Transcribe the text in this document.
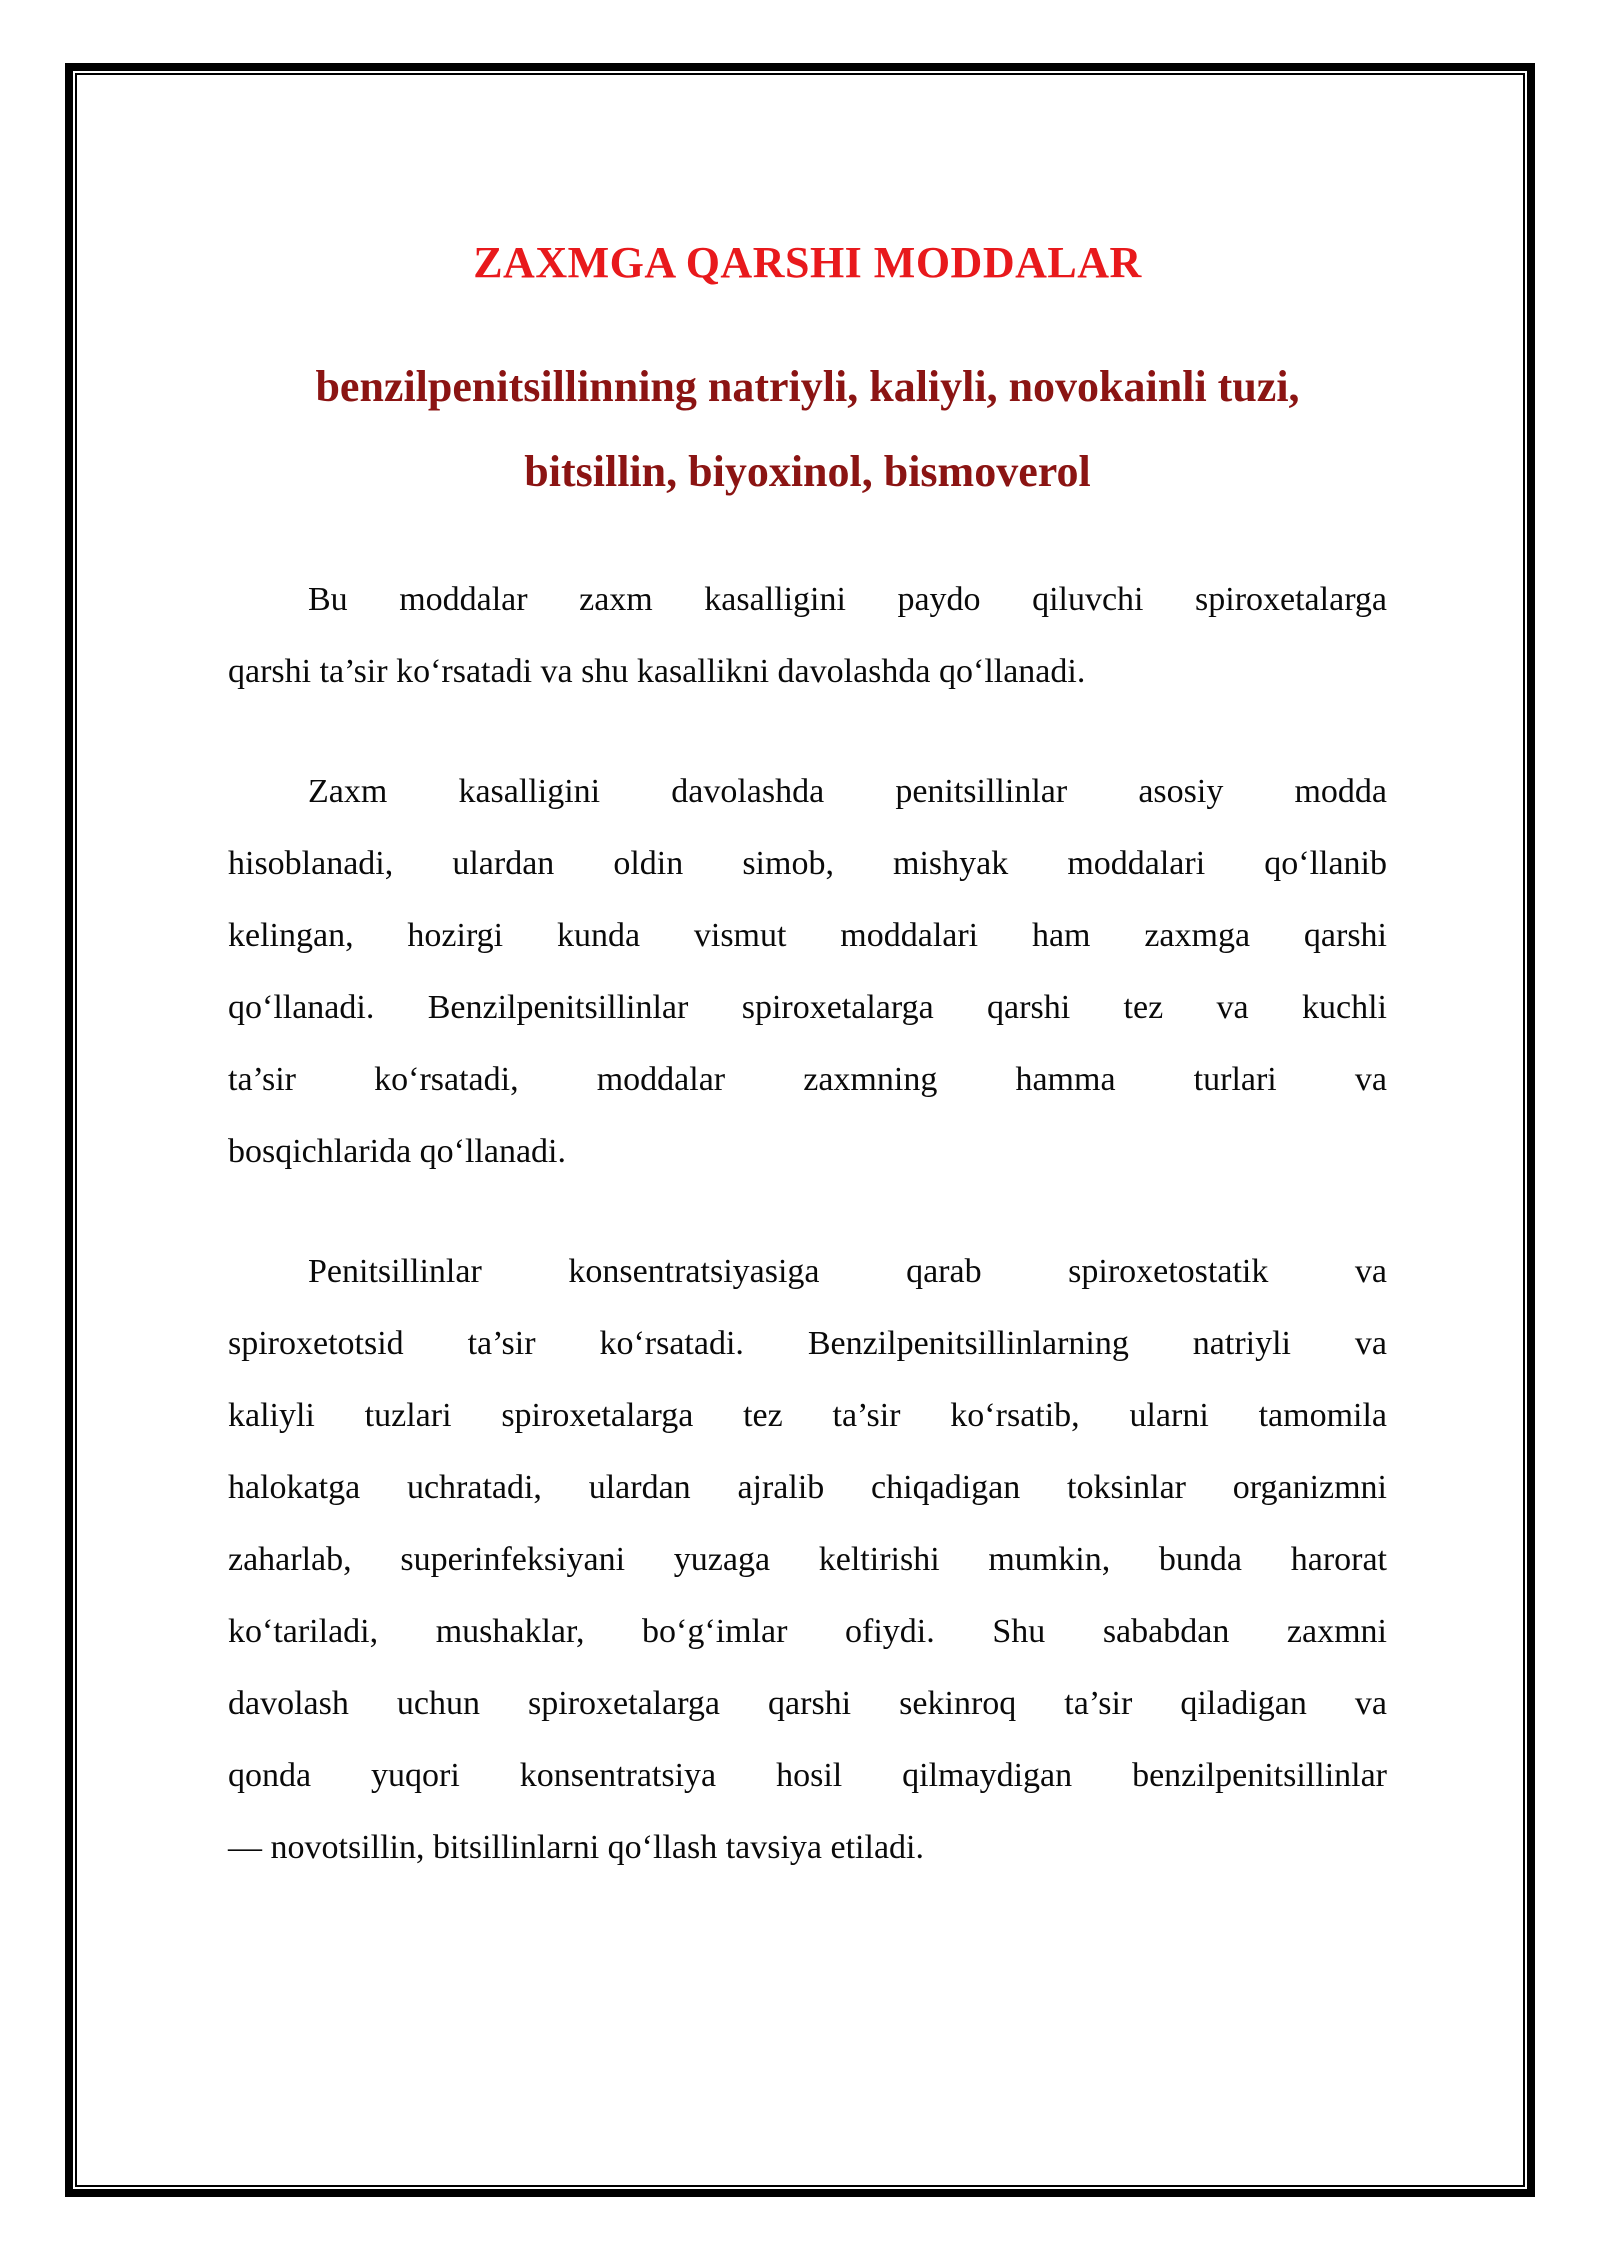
ZAXMGA QARSHI MODDALAR
benzilpenitsillinning natriyli, kaliyli, novokainli tuzi,
bitsillin, biyoxinol, bismoverol
Bu moddalar zaxm kasalligini paydo qiluvchi spiroxetalarga
qarshi ta’sir ko‘rsatadi va shu kasallikni davolashda qo‘llanadi.
Zaxm kasalligini davolashda penitsillinlar asosiy modda
hisoblanadi, ulardan oldin simob, mishyak moddalari qo‘llanib
kelingan, hozirgi kunda vismut moddalari ham zaxmga qarshi
qo‘llanadi. Benzilpenitsillinlar spiroxetalarga qarshi tez va kuchli
ta’sir ko‘rsatadi, moddalar zaxmning hamma turlari va
bosqichlarida qo‘llanadi.
Penitsillinlar konsentratsiyasiga qarab spiroxetostatik va
spiroxetotsid ta’sir ko‘rsatadi. Benzilpenitsillinlarning natriyli va
kaliyli tuzlari spiroxetalarga tez ta’sir ko‘rsatib, ularni tamomila
halokatga uchratadi, ulardan ajralib chiqadigan toksinlar organizmni
zaharlab, superinfeksiyani yuzaga keltirishi mumkin, bunda harorat
ko‘tariladi, mushaklar, bo‘g‘imlar ofiydi. Shu sababdan zaxmni
davolash uchun spiroxetalarga qarshi sekinroq ta’sir qiladigan va
qonda yuqori konsentratsiya hosil qilmaydigan benzilpenitsillinlar
— novotsillin, bitsillinlarni qo‘llash tavsiya etiladi.
